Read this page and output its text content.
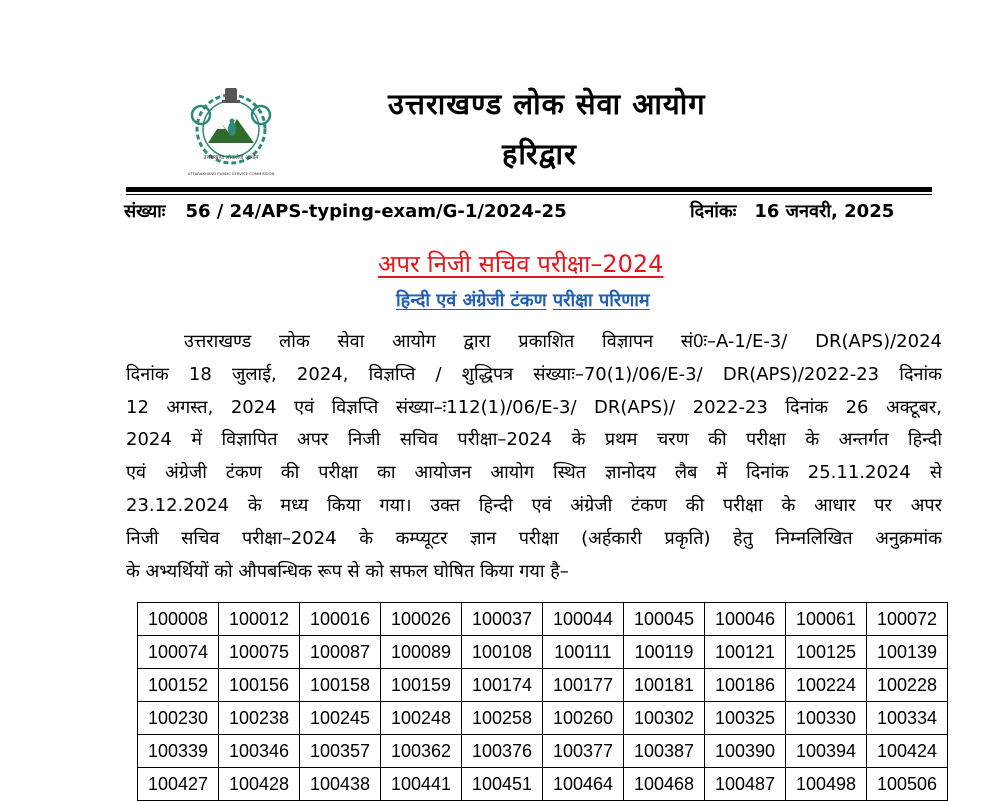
उत्तराखण्ड लोकसेवा आयोग
UTTARAKHAND PUBLIC SERVICE COMMISSION
उत्तराखण्ड लोक सेवा आयोग
हरिद्वार
संख्याः 56 / 24/APS-typing-exam/G-1/2024-25	दिनांकः 16 जनवरी, 2025
अपर निजी सचिव परीक्षा–2024
हिन्दी एवं अंग्रेजी टंकण परीक्षा परिणाम
उत्तराखण्ड लोक सेवा आयोग द्वारा प्रकाशित विज्ञापन सं0ः–A-1/E-3/ DR(APS)/2024
दिनांक 18 जुलाई, 2024, विज्ञप्ति / शुद्धिपत्र संख्याः–70(1)/06/E-3/ DR(APS)/2022-23 दिनांक
12 अगस्त, 2024 एवं विज्ञप्ति संख्या–ः112(1)/06/E-3/ DR(APS)/ 2022-23 दिनांक 26 अक्टूबर,
2024 में विज्ञापित अपर निजी सचिव परीक्षा–2024 के प्रथम चरण की परीक्षा के अन्तर्गत हिन्दी
एवं अंग्रेजी टंकण की परीक्षा का आयोजन आयोग स्थित ज्ञानोदय लैब में दिनांक 25.11.2024 से
23.12.2024 के मध्य किया गया। उक्त हिन्दी एवं अंग्रेजी टंकण की परीक्षा के आधार पर अपर
निजी सचिव परीक्षा–2024 के कम्प्यूटर ज्ञान परीक्षा (अर्हकारी प्रकृति) हेतु निम्नलिखित अनुक्रमांक
के अभ्यर्थियों को औपबन्धिक रूप से को सफल घोषित किया गया है–
100008	100012	100016	100026	100037	100044	100045	100046	100061	100072
100074	100075	100087	100089	100108	100111	100119	100121	100125	100139
100152	100156	100158	100159	100174	100177	100181	100186	100224	100228
100230	100238	100245	100248	100258	100260	100302	100325	100330	100334
100339	100346	100357	100362	100376	100377	100387	100390	100394	100424
100427	100428	100438	100441	100451	100464	100468	100487	100498	100506
